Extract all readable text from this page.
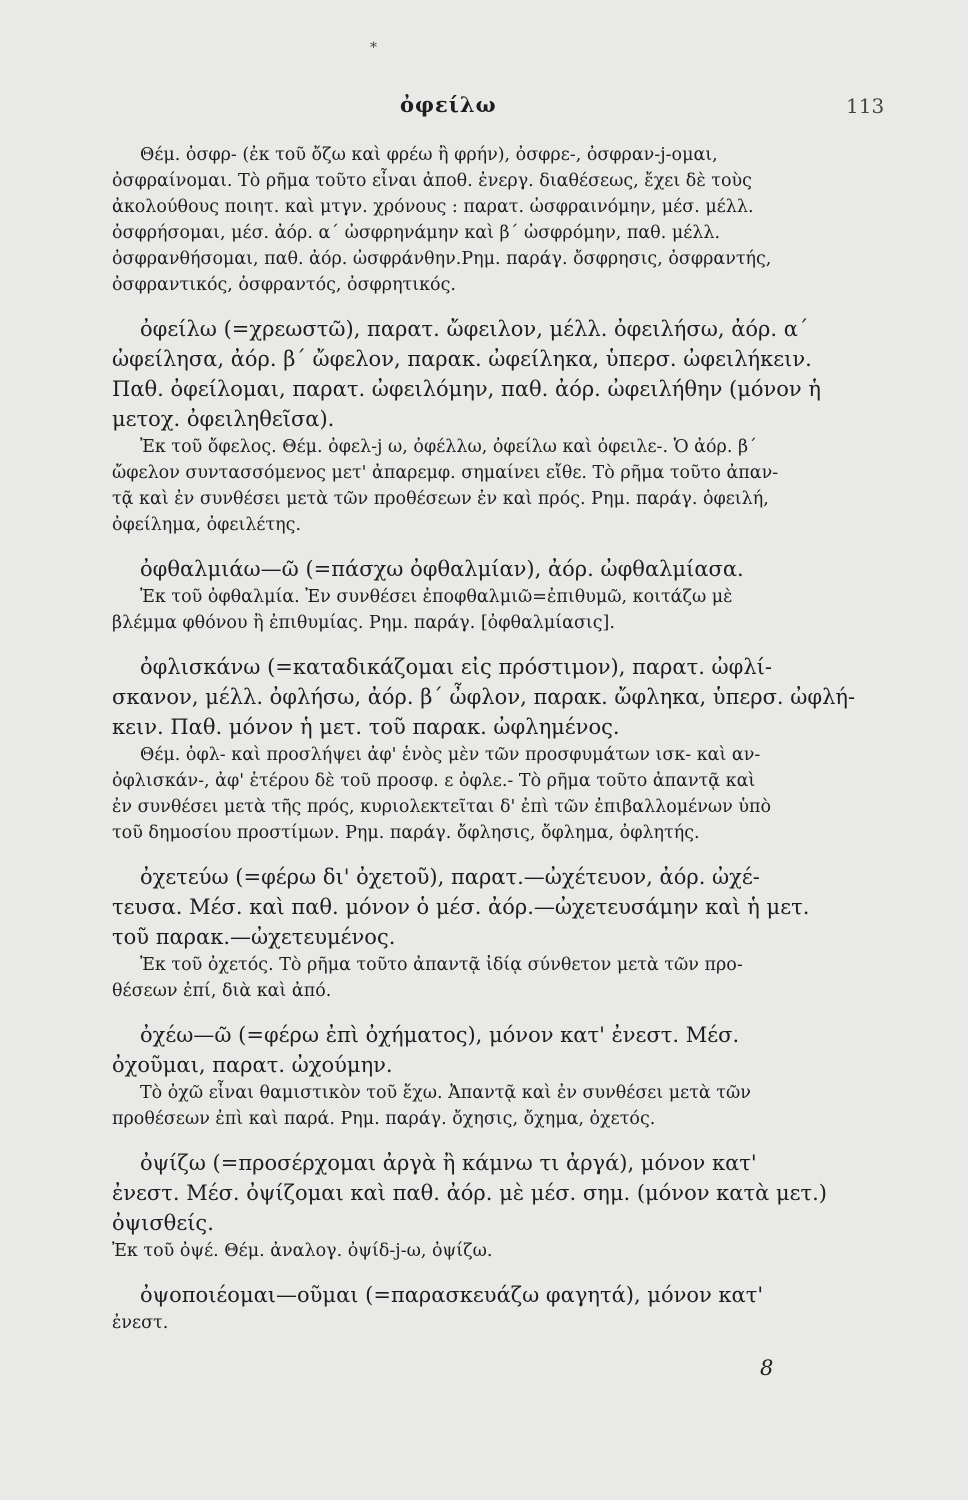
*
ὀφείλω	113
Θέμ. ὀσφρ- (ἐκ τοῦ ὄζω καὶ φρέω ἢ φρήν), ὀσφρε-, ὀσφραν-j-ομαι,
ὀσφραίνομαι. Τὸ ρῆμα τοῦτο εἶναι ἀποθ. ἐνεργ. διαθέσεως, ἔχει δὲ τοὺς
ἀκολούθους ποιητ. καὶ μτγν. χρόνους : παρατ. ὠσφραινόμην, μέσ. μέλλ.
ὀσφρήσομαι, μέσ. ἀόρ. α΄ ὠσφρηνάμην καὶ β΄ ὠσφρόμην, παθ. μέλλ.
ὀσφρανθήσομαι, παθ. ἀόρ. ὠσφράνθην.Ρημ. παράγ. ὄσφρησις, ὀσφραντής,
ὀσφραντικός, ὀσφραντός, ὀσφρητικός.
ὀφείλω (=χρεωστῶ), παρατ. ὤφειλον, μέλλ. ὀφειλήσω, ἀόρ. α΄
ὠφείλησα, ἀόρ. β΄ ὤφελον, παρακ. ὠφείληκα, ὑπερσ. ὠφειλήκειν.
Παθ. ὀφείλομαι, παρατ. ὠφειλόμην, παθ. ἀόρ. ὠφειλήθην (μόνον ἡ
μετοχ. ὀφειληθεῖσα).
Ἐκ τοῦ ὄφελος. Θέμ. ὀφελ-j ω, ὀφέλλω, ὀφείλω καὶ ὀφειλε-. Ὁ ἀόρ. β΄
ὤφελον συντασσόμενος μετ' ἀπαρεμφ. σημαίνει εἴθε. Τὸ ρῆμα τοῦτο ἀπαν-
τᾷ καὶ ἐν συνθέσει μετὰ τῶν προθέσεων ἐν καὶ πρός. Ρημ. παράγ. ὀφειλή,
ὀφείλημα, ὀφειλέτης.
ὀφθαλμιάω—ῶ (=πάσχω ὀφθαλμίαν), ἀόρ. ὠφθαλμίασα.
Ἐκ τοῦ ὀφθαλμία. Ἐν συνθέσει ἐποφθαλμιῶ=ἐπιθυμῶ, κοιτάζω μὲ
βλέμμα φθόνου ἢ ἐπιθυμίας. Ρημ. παράγ. [ὀφθαλμίασις].
ὀφλισκάνω (=καταδικάζομαι εἰς πρόστιμον), παρατ. ὠφλί-
σκανον, μέλλ. ὀφλήσω, ἀόρ. β΄ ὦφλον, παρακ. ὤφληκα, ὑπερσ. ὠφλή-
κειν. Παθ. μόνον ἡ μετ. τοῦ παρακ. ὠφλημένος.
Θέμ. ὀφλ- καὶ προσλήψει ἀφ' ἑνὸς μὲν τῶν προσφυμάτων ισκ- καὶ αν-
ὀφλισκάν-, ἀφ' ἑτέρου δὲ τοῦ προσφ. ε ὀφλε.- Τὸ ρῆμα τοῦτο ἀπαντᾷ καὶ
ἐν συνθέσει μετὰ τῆς πρός, κυριολεκτεῖται δ' ἐπὶ τῶν ἐπιβαλλομένων ὑπὸ
τοῦ δημοσίου προστίμων. Ρημ. παράγ. ὄφλησις, ὄφλημα, ὀφλητής.
ὀχετεύω (=φέρω δι' ὀχετοῦ), παρατ.—ὠχέτευον, ἀόρ. ὠχέ-
τευσα. Μέσ. καὶ παθ. μόνον ὁ μέσ. ἀόρ.—ὠχετευσάμην καὶ ἡ μετ.
τοῦ παρακ.—ὠχετευμένος.
Ἐκ τοῦ ὀχετός. Τὸ ρῆμα τοῦτο ἀπαντᾷ ἰδίᾳ σύνθετον μετὰ τῶν προ-
θέσεων ἐπί, διὰ καὶ ἀπό.
ὀχέω—ῶ (=φέρω ἐπὶ ὀχήματος), μόνον κατ' ἐνεστ. Μέσ.
ὀχοῦμαι, παρατ. ὠχούμην.
Τὸ ὀχῶ εἶναι θαμιστικὸν τοῦ ἔχω. Ἀπαντᾷ καὶ ἐν συνθέσει μετὰ τῶν
προθέσεων ἐπὶ καὶ παρά. Ρημ. παράγ. ὄχησις, ὄχημα, ὀχετός.
ὀψίζω (=προσέρχομαι ἀργὰ ἢ κάμνω τι ἀργά), μόνον κατ'
ἐνεστ. Μέσ. ὀψίζομαι καὶ παθ. ἀόρ. μὲ μέσ. σημ. (μόνον κατὰ μετ.)
ὀψισθείς.
Ἐκ τοῦ ὀψέ. Θέμ. ἀναλογ. ὀψίδ-j-ω, ὀψίζω.
ὀψοποιέομαι—οῦμαι (=παρασκευάζω φαγητά), μόνον κατ'
ἐνεστ.
8
